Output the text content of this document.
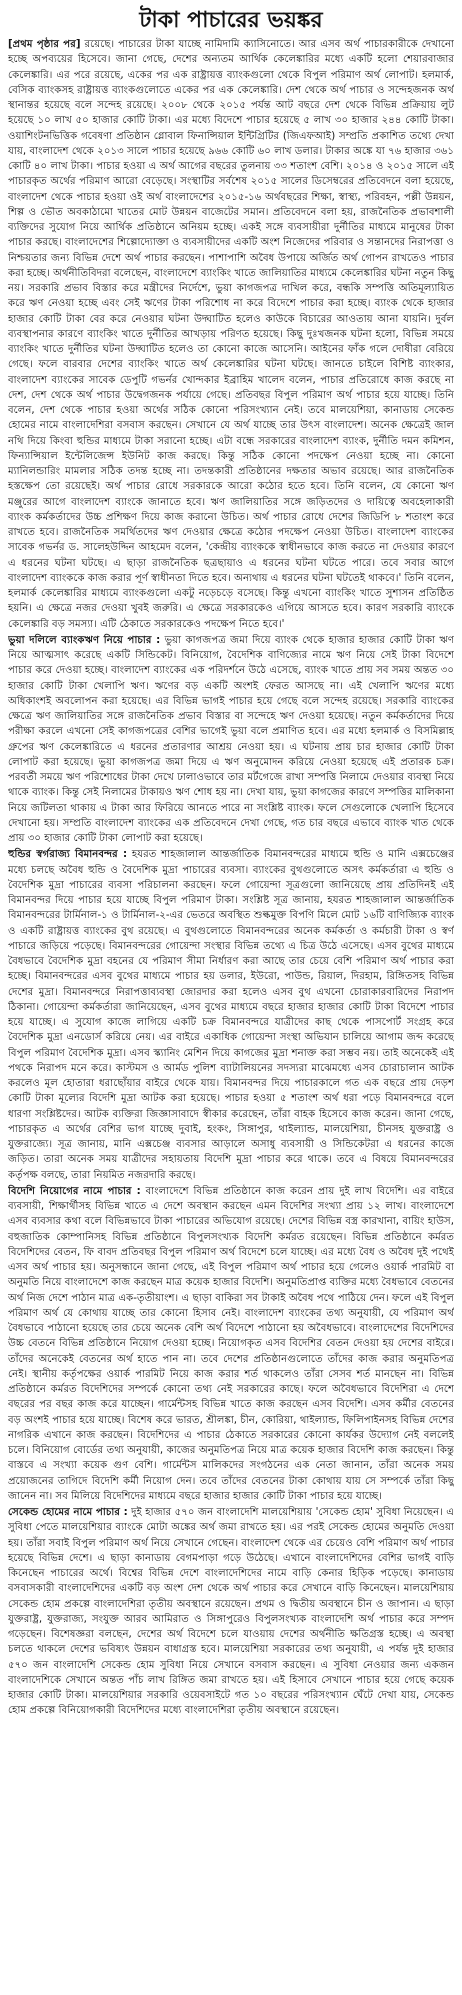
টাকা পাচারের ভয়ঙ্কর

[প্রথম পৃষ্ঠার পর] রয়েছে। পাচারের টাকা যাচ্ছে নামিদামি ক্যাসিনোতে। আর এসব অর্থ পাচারকারীকে দেখানো হচ্ছে অপব্যয়ের হিসেবে। জানা গেছে, দেশের অন্যতম আর্থিক কেলেঙ্কারির মধ্যে একটি হলো শেয়ারবাজার কেলেঙ্কারি। এর পরে রয়েছে, একের পর এক রাষ্ট্রায়ত্ত ব্যাংকগুলো থেকে বিপুল পরিমাণ অর্থ লোপাট। হলমার্ক, বেসিক ব্যাংকসহ রাষ্ট্রায়ত্ত ব্যাংকগুলোতে একের পর এক কেলেঙ্কারি। দেশ থেকে অর্থ পাচার ও সন্দেহজনক অর্থ স্থানান্তর হয়েছে বলে সন্দেহ রয়েছে। ২০০৮ থেকে ২০১৫ পর্যন্ত আট বছরে দেশ থেকে বিভিন্ন প্রক্রিয়ায় লুট হয়েছে ১০ লাখ ৫০ হাজার কোটি টাকা। এর মধ্যে বিদেশে পাচার হয়েছে ৫ লাখ ৩০ হাজার ২৪৪ কোটি টাকা। ওয়াশিংটনভিত্তিক গবেষণা প্রতিষ্ঠান গ্লোবাল ফিনান্সিয়াল ইন্টিগ্রিটির (জিএফআই) সম্প্রতি প্রকাশিত তথ্যে দেখা যায়, বাংলাদেশ থেকে ২০১৩ সালে পাচার হয়েছে ৯৬৬ কোটি ৬০ লাখ ডলার। টাকার অঙ্কে যা ৭৬ হাজার ৩৬১ কোটি ৪০ লাখ টাকা। পাচার হওয়া এ অর্থ আগের বছরের তুলনায় ৩৩ শতাংশ বেশি। ২০১৪ ও ২০১৫ সালে এই পাচারকৃত অর্থের পরিমাণ আরো বেড়েছে। সংস্থাটির সর্বশেষ ২০১৫ সালের ডিসেম্বরের প্রতিবেদনে বলা হয়েছে, বাংলাদেশ থেকে পাচার হওয়া ওই অর্থ বাংলাদেশের ২০১৫-১৬ অর্থবছরের শিক্ষা, স্বাস্থ্য, পরিবহন, পল্লী উন্নয়ন, শিল্প ও ভৌত অবকাঠামো খাতের মোট উন্নয়ন বাজেটের সমান। প্রতিবেদনে বলা হয়, রাজনৈতিক প্রভাবশালী ব্যক্তিদের সুযোগ নিয়ে আর্থিক প্রতিষ্ঠানে অনিয়ম হচ্ছে। একই সঙ্গে ব্যবসায়ীরা দুর্নীতির মাধ্যমে মানুষের টাকা পাচার করছে। বাংলাদেশের শিল্পোদ্যোক্তা ও ব্যবসায়ীদের একটি অংশ নিজেদের পরিবার ও সন্তানদের নিরাপত্তা ও নিশ্চয়তার জন্য বিভিন্ন দেশে অর্থ পাচার করছেন। পাশাপাশি অবৈধ উপায়ে অর্জিত অর্থ গোপন রাখতেও পাচার করা হচ্ছে। অর্থনীতিবিদরা বলেছেন, বাংলাদেশে ব্যাংকিং খাতে জালিয়াতির মাধ্যমে কেলেঙ্কারির ঘটনা নতুন কিছু নয়। সরকারি প্রভাব বিস্তার করে মন্ত্রীদের নির্দেশে, ভুয়া কাগজপত্র দাখিল করে, বন্ধকি সম্পত্তি অতিমূল্যায়িত করে ঋণ নেওয়া হচ্ছে এবং সেই ঋণের টাকা পরিশোধ না করে বিদেশে পাচার করা হচ্ছে। ব্যাংক থেকে হাজার হাজার কোটি টাকা বের করে নেওয়ার ঘটনা উদ্ঘাটিত হলেও কাউকে বিচারের আওতায় আনা যায়নি। দুর্বল ব্যবস্থাপনার কারণে ব্যাংকিং খাতে দুর্নীতির আখড়ায় পরিণত হয়েছে। কিছু দুঃখজনক ঘটনা হলো, বিভিন্ন সময়ে ব্যাংকিং খাতে দুর্নীতির ঘটনা উদ্ঘাটিত হলেও তা কোনো কাজে আসেনি। আইনের ফাঁক গলে দোষীরা বেরিয়ে গেছে। ফলে বারবার দেশের ব্যাংকিং খাতে অর্থ কেলেঙ্কারির ঘটনা ঘটছে। জানতে চাইলে বিশিষ্ট ব্যাংকার, বাংলাদেশ ব্যাংকের সাবেক ডেপুটি গভর্নর খোন্দকার ইব্রাহিম খালেদ বলেন, পাচার প্রতিরোধে কাজ করছে না দেশ, দেশ থেকে অর্থ পাচার উদ্বেগজনক পর্যায়ে গেছে। প্রতিবছর বিপুল পরিমাণ অর্থ পাচার হয়ে যাচ্ছে। তিনি বলেন, দেশ থেকে পাচার হওয়া অর্থের সঠিক কোনো পরিসংখ্যান নেই। তবে মালয়েশিয়া, কানাডায় সেকেন্ড হোমের নামে বাংলাদেশিরা বসবাস করছেন। সেখানে যে অর্থ যাচ্ছে তার উৎস বাংলাদেশ। অনেক ক্ষেত্রেই জাল নথি দিয়ে কিংবা হুন্ডির মাধ্যমে টাকা সরানো হচ্ছে। এটা বন্ধে সরকারের বাংলাদেশ ব্যাংক, দুর্নীতি দমন কমিশন, ফিন্যান্সিয়াল ইন্টেলিজেন্স ইউনিট কাজ করছে। কিন্তু সঠিক কোনো পদক্ষেপ নেওয়া হচ্ছে না। কোনো ম্যানিলন্ডারিং মামলার সঠিক তদন্ত হচ্ছে না। তদন্তকারী প্রতিষ্ঠানের দক্ষতার অভাব রয়েছে। আর রাজনৈতিক হস্তক্ষেপ তো রয়েছেই। অর্থ পাচার রোধে সরকারকে আরো কঠোর হতে হবে। তিনি বলেন, যে কোনো ঋণ মঞ্জুরের আগে বাংলাদেশ ব্যাংকে জানাতে হবে। ঋণ জালিয়াতির সঙ্গে জড়িতদের ও দায়িত্বে অবহেলাকারী ব্যাংক কর্মকর্তাদের উচ্চ প্রশিক্ষণ দিয়ে কাজ করানো উচিত। অর্থ পাচার রোধে দেশের জিডিপি ৮ শতাংশ করে রাখতে হবে। রাজনৈতিক সমর্থিতদের ঋণ দেওয়ার ক্ষেত্রে কঠোর পদক্ষেপ নেওয়া উচিত। বাংলাদেশ ব্যাংকের সাবেক গভর্নর ড. সালেহউদ্দিন আহমেদ বলেন, 'কেন্দ্রীয় ব্যাংককে স্বাধীনভাবে কাজ করতে না দেওয়ার কারণে এ ধরনের ঘটনা ঘটছে। এ ছাড়া রাজনৈতিক ছত্রছায়াও এ ধরনের ঘটনা ঘটতে পারে। তবে সবার আগে বাংলাদেশ ব্যাংককে কাজ করার পূর্ণ স্বাধীনতা দিতে হবে। অন্যথায় এ ধরনের ঘটনা ঘটতেই থাকবে।' তিনি বলেন, হলমার্ক কেলেঙ্কারির মাধ্যমে ব্যাংকগুলো একটু নড়েচড়ে বসেছে। কিন্তু এখনো ব্যাংকিং খাতে সুশাসন প্রতিষ্ঠিত হয়নি। এ ক্ষেত্রে নজর দেওয়া খুবই জরুরি। এ ক্ষেত্রে সরকারকেও এগিয়ে আসতে হবে। কারণ সরকারি ব্যাংকে কেলেঙ্কারি বড় সমস্যা। এটি ঠেকাতে সরকারকেও পদক্ষেপ নিতে হবে।'

ভুয়া দলিলে ব্যাংকঋণ নিয়ে পাচার : ভুয়া কাগজপত্র জমা দিয়ে ব্যাংক থেকে হাজার হাজার কোটি টাকা ঋণ নিয়ে আত্মসাৎ করেছে একটি সিন্ডিকেট। বিনিয়োগ, বৈদেশিক বাণিজ্যের নামে ঋণ নিয়ে সেই টাকা বিদেশে পাচার করে দেওয়া হচ্ছে। বাংলাদেশ ব্যাংকের এক পরিদর্শনে উঠে এসেছে, ব্যাংক খাতে প্রায় সব সময় অন্তত ৩০ হাজার কোটি টাকা খেলাপি ঋণ। ঋণের বড় একটি অংশই ফেরত আসছে না। এই খেলাপি ঋণের মধ্যে অধিকাংশই অবলোপন করা হয়েছে। এর বিভিন্ন ভাগই পাচার হয়ে গেছে বলে সন্দেহ রয়েছে। সরকারি ব্যাংকের ক্ষেত্রে ঋণ জালিয়াতির সঙ্গে রাজনৈতিক প্রভাব বিস্তার বা সন্দেহে ঋণ দেওয়া হয়েছে। নতুন কর্মকর্তাদের দিয়ে পরীক্ষা করলে এখনো সেই কাগজপত্রের বেশির ভাগেই ভুয়া বলে প্রমাণিত হবে। এর মধ্যে হলমার্ক ও বিসমিল্লাহ গ্রুপের ঋণ কেলেঙ্কারিতে এ ধরনের প্রতারণার আশ্রয় নেওয়া হয়। এ ঘটনায় প্রায় চার হাজার কোটি টাকা লোপাট করা হয়েছে। ভুয়া কাগজপত্র জমা দিয়ে এ ঋণ অনুমোদন করিয়ে নেওয়া হয়েছে এই প্রতারক চক্র। পরবর্তী সময়ে ঋণ পরিশোধের টাকা দেখে ঢালাওভাবে তার মর্টগেজে রাখা সম্পত্তি নিলামে দেওয়ার ব্যবস্থা নিয়ে থাকে ব্যাংক। কিন্তু সেই নিলামের টাকায়ও ঋণ শোধ হয় না। দেখা যায়, ভুয়া কাগজের কারণে সম্পত্তির মালিকানা নিয়ে জটিলতা থাকায় এ টাকা আর ফিরিয়ে আনতে পারে না সংশ্লিষ্ট ব্যাংক। ফলে সেগুলোকে খেলাপি হিসেবে দেখানো হয়। সম্প্রতি বাংলাদেশ ব্যাংকের এক প্রতিবেদনে দেখা গেছে, গত চার বছরে এভাবে ব্যাংক খাত থেকে প্রায় ৩০ হাজার কোটি টাকা লোপাট করা হয়েছে।

হুন্ডির স্বর্গরাজ্য বিমানবন্দর : হযরত শাহজালাল আন্তর্জাতিক বিমানবন্দরের মাধ্যমে হুন্ডি ও মানি এক্সচেঞ্জের মধ্যে চলছে অবৈধ হুন্ডি ও বৈদেশিক মুদ্রা পাচারের ব্যবসা। ব্যাংকের বুথগুলোতে অসৎ কর্মকর্তারা এ হুন্ডি ও বৈদেশিক মুদ্রা পাচারের ব্যবসা পরিচালনা করছেন। ফলে গোয়েন্দা সূত্রগুলো জানিয়েছে প্রায় প্রতিদিনই এই বিমানবন্দর দিয়ে পাচার হয়ে যাচ্ছে বিপুল পরিমাণ টাকা। সংশ্লিষ্ট সূত্র জানায়, হযরত শাহজালাল আন্তর্জাতিক বিমানবন্দরের টার্মিনাল-১ ও টার্মিনাল-২-এর ভেতরে অবস্থিত শুল্কমুক্ত বিপণি মিলে মোট ১৬টি বাণিজ্যিক ব্যাংক ও একটি রাষ্ট্রায়ত্ত ব্যাংকের বুথ রয়েছে। এ বুথগুলোতে বিমানবন্দরের অনেক কর্মকর্তা ও কর্মচারী টাকা ও স্বর্ণ পাচারে জড়িয়ে পড়েছে। বিমানবন্দরের গোয়েন্দা সংস্থার বিভিন্ন তথ্যে এ চিত্র উঠে এসেছে। এসব বুথের মাধ্যমে বৈধভাবে বৈদেশিক মুদ্রা বহনের যে পরিমাণ সীমা নির্ধারণ করা আছে তার চেয়ে বেশি পরিমাণ অর্থ পাচার করা হচ্ছে। বিমানবন্দরের এসব বুথের মাধ্যমে পাচার হয় ডলার, ইউরো, পাউন্ড, রিয়াল, দিরহাম, রিঙ্গিতসহ বিভিন্ন দেশের মুদ্রা। বিমানবন্দরে নিরাপত্তাব্যবস্থা জোরদার করা হলেও এসব বুথ এখনো চোরাকারবারিদের নিরাপদ ঠিকানা। গোয়েন্দা কর্মকর্তারা জানিয়েছেন, এসব বুথের মাধ্যমে বছরে হাজার হাজার কোটি টাকা বিদেশে পাচার হয়ে যাচ্ছে। এ সুযোগ কাজে লাগিয়ে একটি চক্র বিমানবন্দরে যাত্রীদের কাছ থেকে পাসপোর্ট সংগ্রহ করে বৈদেশিক মুদ্রা এনডোর্স করিয়ে নেয়। এর বাইরে একাধিক গোয়েন্দা সংস্থা অভিযান চালিয়ে আগাম জব্দ করেছে বিপুল পরিমাণ বৈদেশিক মুদ্রা। এসব স্ক্যানিং মেশিন দিয়ে কাগজের মুদ্রা শনাক্ত করা সম্ভব নয়। তাই অনেকেই এই পথকে নিরাপদ মনে করে। কাস্টমস ও আর্মড পুলিশ ব্যাটালিয়নের সদস্যরা মাঝেমধ্যে এসব চোরাচালান আটক করলেও মূল হোতারা ধরাছোঁয়ার বাইরে থেকে যায়। বিমানবন্দর দিয়ে পাচারকালে গত এক বছরে প্রায় দেড়শ কোটি টাকা মূল্যের বিদেশি মুদ্রা আটক করা হয়েছে। পাচার হওয়া ৫ শতাংশ অর্থ ধরা পড়ে বিমানবন্দরে বলে ধারণা সংশ্লিষ্টদের। আটক ব্যক্তিরা জিজ্ঞাসাবাদে স্বীকার করেছেন, তাঁরা বাহক হিসেবে কাজ করেন। জানা গেছে, পাচারকৃত এ অর্থের বেশির ভাগ যাচ্ছে দুবাই, হংকং, সিঙ্গাপুর, থাইল্যান্ড, মালয়েশিয়া, চীনসহ যুক্তরাষ্ট্র ও যুক্তরাজ্যে। সূত্র জানায়, মানি এক্সচেঞ্জ ব্যবসার আড়ালে অসাধু ব্যবসায়ী ও সিন্ডিকেটরা এ ধরনের কাজে জড়িত। তারা অনেক সময় যাত্রীদের সহায়তায় বিদেশি মুদ্রা পাচার করে থাকে। তবে এ বিষয়ে বিমানবন্দরের কর্তৃপক্ষ বলছে, তারা নিয়মিত নজরদারি করছে।

বিদেশি নিয়োগের নামে পাচার : বাংলাদেশে বিভিন্ন প্রতিষ্ঠানে কাজ করেন প্রায় দুই লাখ বিদেশি। এর বাইরে ব্যবসায়ী, শিক্ষার্থীসহ বিভিন্ন খাতে এ দেশে অবস্থান করছেন এমন বিদেশির সংখ্যা প্রায় ১২ লাখ। বাংলাদেশে এসব ব্যবসার কথা বলে বিভিন্নভাবে টাকা পাচারের অভিযোগ রয়েছে। দেশের বিভিন্ন বস্ত্র কারখানা, বায়িং হাউস, বহুজাতিক কোম্পানিসহ বিভিন্ন প্রতিষ্ঠানে বিপুলসংখ্যক বিদেশি কর্মরত রয়েছেন। বিভিন্ন প্রতিষ্ঠানে কর্মরত বিদেশিদের বেতন, ফি বাবদ প্রতিবছর বিপুল পরিমাণ অর্থ বিদেশে চলে যাচ্ছে। এর মধ্যে বৈধ ও অবৈধ দুই পথেই এসব অর্থ পাচার হয়। অনুসন্ধানে জানা গেছে, এই বিপুল পরিমাণ অর্থ পাচার হয়ে গেলেও ওয়ার্ক পারমিট বা অনুমতি নিয়ে বাংলাদেশে কাজ করছেন মাত্র কয়েক হাজার বিদেশি। অনুমতিপ্রাপ্ত ব্যক্তির মধ্যে বৈধভাবে বেতনের অর্থ নিজ দেশে পাঠান মাত্র এক-তৃতীয়াংশ। এ ছাড়া বাকিরা সব টাকাই অবৈধ পথে পাঠিয়ে দেন। ফলে এই বিপুল পরিমাণ অর্থ যে কোথায় যাচ্ছে তার কোনো হিসাব নেই। বাংলাদেশ ব্যাংকের তথ্য অনুযায়ী, যে পরিমাণ অর্থ বৈধভাবে পাঠানো হয়েছে তার চেয়ে অনেক বেশি অর্থ বিদেশে পাঠানো হয় অবৈধভাবে। বাংলাদেশের বিদেশিদের উচ্চ বেতনে বিভিন্ন প্রতিষ্ঠানে নিয়োগ দেওয়া হচ্ছে। নিয়োগকৃত এসব বিদেশির বেতন দেওয়া হয় দেশের বাইরে। তাঁদের অনেকেই বেতনের অর্থ হাতে পান না। তবে দেশের প্রতিষ্ঠানগুলোতে তাঁদের কাজ করার অনুমতিপত্র নেই। স্থানীয় কর্তৃপক্ষের ওয়ার্ক পারমিট নিয়ে কাজ করার শর্ত থাকলেও তাঁরা সেসব শর্ত মানছেন না। বিভিন্ন প্রতিষ্ঠানে কর্মরত বিদেশিদের সম্পর্কে কোনো তথ্য নেই সরকারের কাছে। ফলে অবৈধভাবে বিদেশিরা এ দেশে বছরের পর বছর কাজ করে যাচ্ছেন। গার্মেন্টসহ বিভিন্ন খাতে কাজ করছেন এসব বিদেশি। এসব কর্মীর বেতনের বড় অংশই পাচার হয়ে যাচ্ছে। বিশেষ করে ভারত, শ্রীলঙ্কা, চীন, কোরিয়া, থাইল্যান্ড, ফিলিপাইনসহ বিভিন্ন দেশের নাগরিক এখানে কাজ করছেন। বিদেশিদের এ পাচার ঠেকাতে সরকারের কোনো কার্যকর উদ্যোগ নেই বললেই চলে। বিনিয়োগ বোর্ডের তথ্য অনুযায়ী, কাজের অনুমতিপত্র নিয়ে মাত্র কয়েক হাজার বিদেশি কাজ করছেন। কিন্তু বাস্তবে এ সংখ্যা কয়েক গুণ বেশি। গার্মেন্টস মালিকদের সংগঠনের এক নেতা জানান, তাঁরা অনেক সময় প্রয়োজনের তাগিদে বিদেশি কর্মী নিয়োগ দেন। তবে তাঁদের বেতনের টাকা কোথায় যায় সে সম্পর্কে তাঁরা কিছু জানেন না। সব মিলিয়ে বিদেশিদের মাধ্যমে বছরে হাজার হাজার কোটি টাকা পাচার হয়ে যাচ্ছে।

সেকেন্ড হোমের নামে পাচার : দুই হাজার ৫৭০ জন বাংলাদেশি মালয়েশিয়ায় 'সেকেন্ড হোম' সুবিধা নিয়েছেন। এ সুবিধা পেতে মালয়েশিয়ার ব্যাংকে মোটা অঙ্কের অর্থ জমা রাখতে হয়। এর পরই সেকেন্ড হোমের অনুমতি দেওয়া হয়। তাঁরা সবাই বিপুল পরিমাণ অর্থ নিয়ে সেখানে গেছেন। বাংলাদেশ থেকে এর চেয়েও বেশি পরিমাণ অর্থ পাচার হয়েছে বিভিন্ন দেশে। এ ছাড়া কানাডায় বেগমপাড়া গড়ে উঠেছে। এখানে বাংলাদেশিদের বেশির ভাগই বাড়ি কিনেছেন পাচারের অর্থে। বিশ্বের বিভিন্ন দেশে বাংলাদেশিদের নামে বাড়ি কেনার হিড়িক পড়েছে। কানাডায় বসবাসকারী বাংলাদেশিদের একটি বড় অংশ দেশ থেকে অর্থ পাচার করে সেখানে বাড়ি কিনেছেন। মালয়েশিয়ায় সেকেন্ড হোম প্রকল্পে বাংলাদেশিরা তৃতীয় অবস্থানে রয়েছেন। প্রথম ও দ্বিতীয় অবস্থানে চীন ও জাপান। এ ছাড়া যুক্তরাষ্ট্র, যুক্তরাজ্য, সংযুক্ত আরব আমিরাত ও সিঙ্গাপুরেও বিপুলসংখ্যক বাংলাদেশি অর্থ পাচার করে সম্পদ গড়েছেন। বিশেষজ্ঞরা বলছেন, দেশের অর্থ বিদেশে চলে যাওয়ায় দেশের অর্থনীতি ক্ষতিগ্রস্ত হচ্ছে। এ অবস্থা চলতে থাকলে দেশের ভবিষ্যৎ উন্নয়ন বাধাগ্রস্ত হবে। মালয়েশিয়া সরকারের তথ্য অনুযায়ী, এ পর্যন্ত দুই হাজার ৫৭০ জন বাংলাদেশি সেকেন্ড হোম সুবিধা নিয়ে সেখানে বসবাস করছেন। এ সুবিধা নেওয়ার জন্য একজন বাংলাদেশিকে সেখানে অন্তত পাঁচ লাখ রিঙ্গিত জমা রাখতে হয়। এই হিসাবে সেখানে পাচার হয়ে গেছে কয়েক হাজার কোটি টাকা। মালয়েশিয়ার সরকারি ওয়েবসাইটে গত ১০ বছরের পরিসংখ্যান ঘেঁটে দেখা যায়, সেকেন্ড হোম প্রকল্পে বিনিয়োগকারী বিদেশিদের মধ্যে বাংলাদেশিরা তৃতীয় অবস্থানে রয়েছেন।
